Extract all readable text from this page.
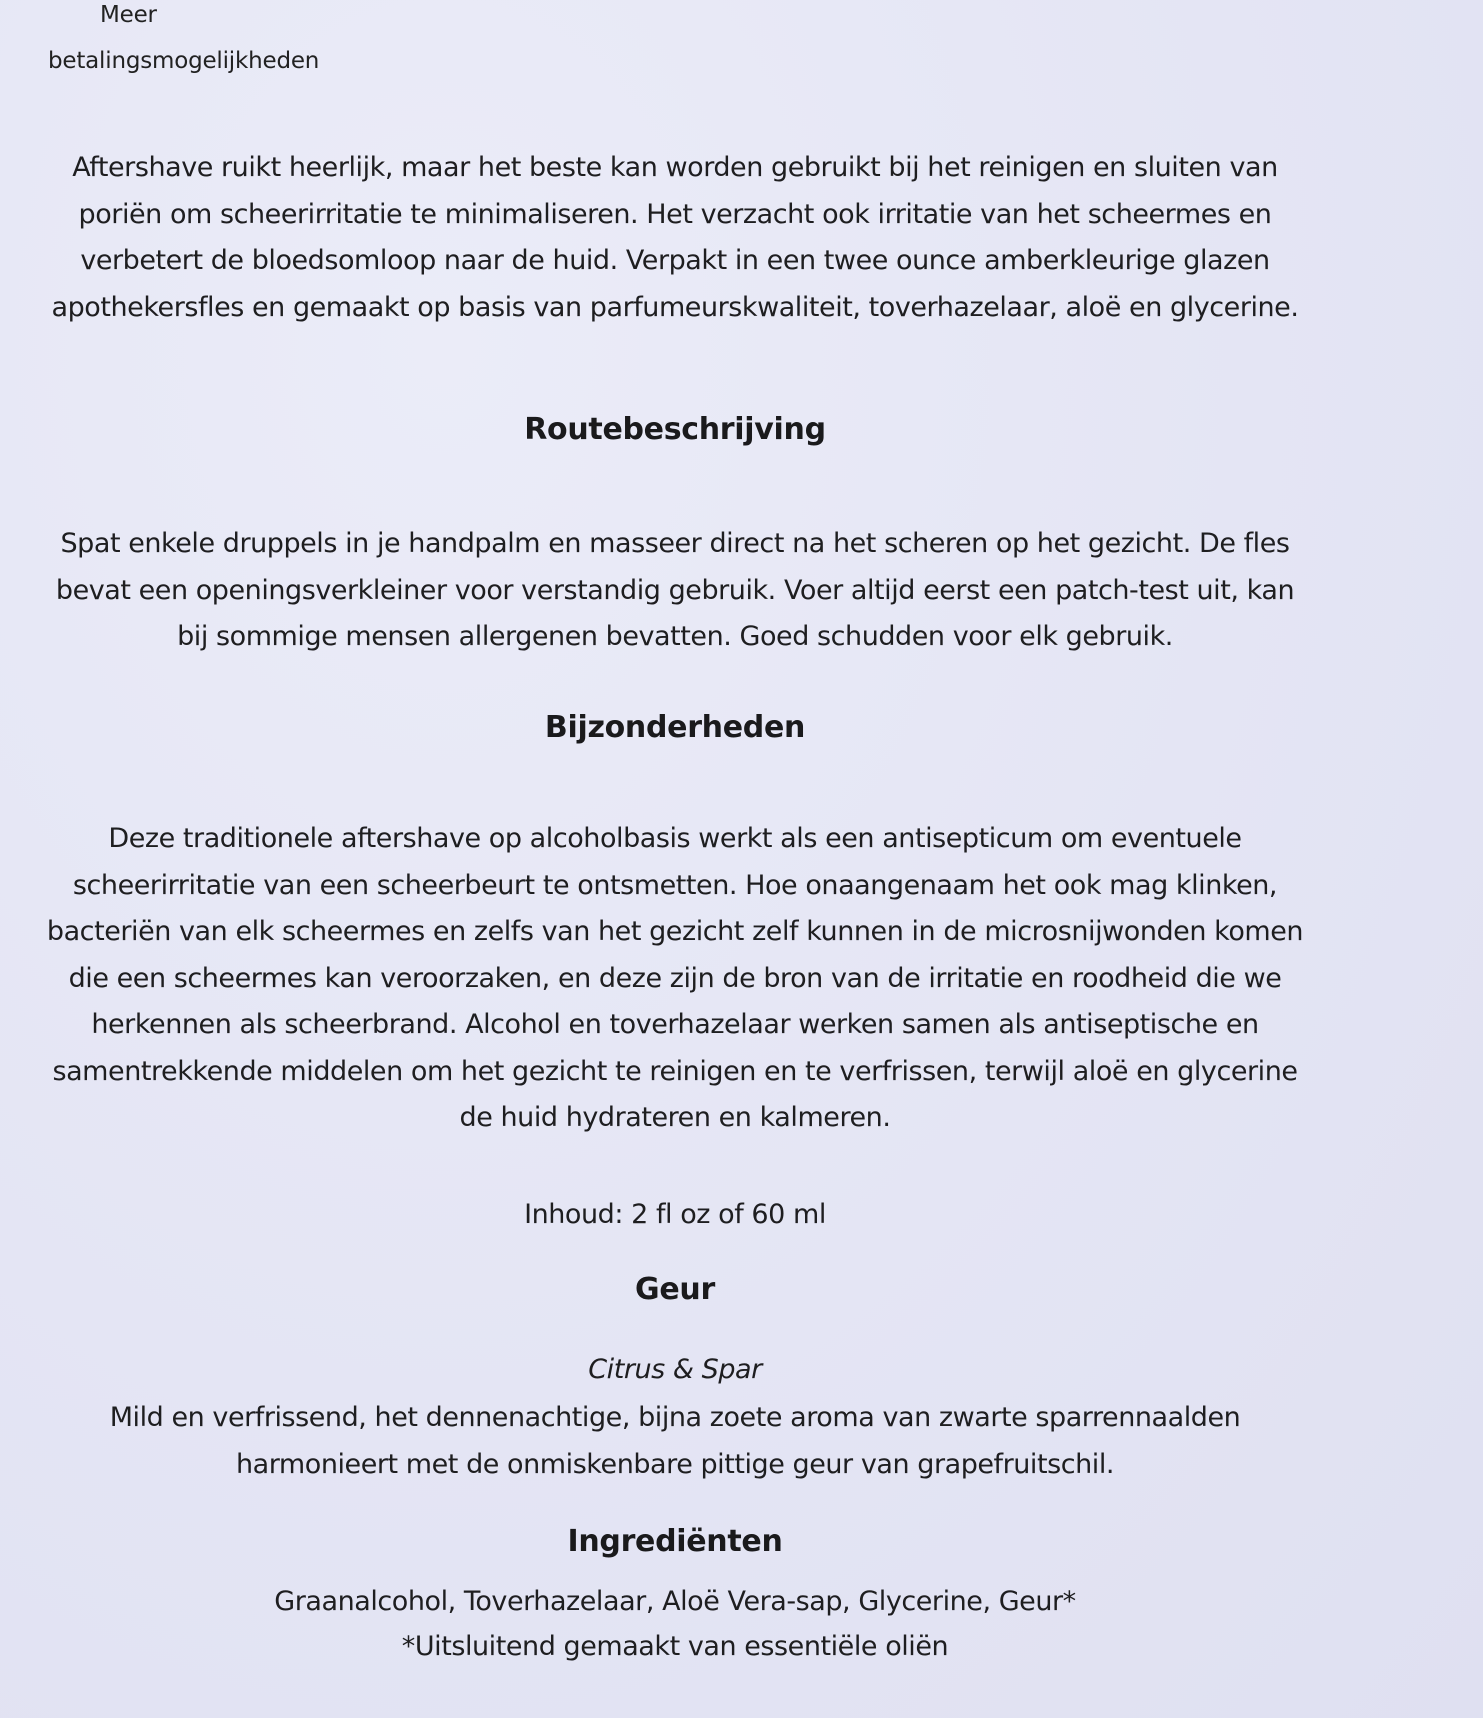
Meer
betalingsmogelijkheden
Aftershave ruikt heerlijk, maar het beste kan worden gebruikt bij het reinigen en sluiten van poriën om scheerirritatie te minimaliseren. Het verzacht ook irritatie van het scheermes en verbetert de bloedsomloop naar de huid. Verpakt in een twee ounce amberkleurige glazen apothekersfles en gemaakt op basis van parfumeurskwaliteit, toverhazelaar, aloë en glycerine.
Routebeschrijving
Spat enkele druppels in je handpalm en masseer direct na het scheren op het gezicht. De fles bevat een openingsverkleiner voor verstandig gebruik. Voer altijd eerst een patch-test uit, kan bij sommige mensen allergenen bevatten. Goed schudden voor elk gebruik.
Bijzonderheden
Deze traditionele aftershave op alcoholbasis werkt als een antisepticum om eventuele scheerirritatie van een scheerbeurt te ontsmetten. Hoe onaangenaam het ook mag klinken, bacteriën van elk scheermes en zelfs van het gezicht zelf kunnen in de microsnijwonden komen die een scheermes kan veroorzaken, en deze zijn de bron van de irritatie en roodheid die we herkennen als scheerbrand. Alcohol en toverhazelaar werken samen als antiseptische en samentrekkende middelen om het gezicht te reinigen en te verfrissen, terwijl aloë en glycerine de huid hydrateren en kalmeren.
Inhoud: 2 fl oz of 60 ml
Geur
Citrus & Spar
Mild en verfrissend, het dennenachtige, bijna zoete aroma van zwarte sparrennaalden harmonieert met de onmiskenbare pittige geur van grapefruitschil.
Ingrediënten
Graanalcohol, Toverhazelaar, Aloë Vera-sap, Glycerine, Geur*
*Uitsluitend gemaakt van essentiële oliën
